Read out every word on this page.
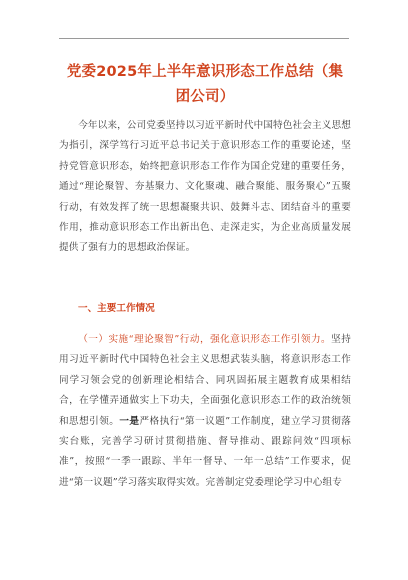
党委2025年上半年意识形态工作总结（集团公司）

今年以来，公司党委坚持以习近平新时代中国特色社会主义思想为指引，深学笃行习近平总书记关于意识形态工作的重要论述，坚持党管意识形态，始终把意识形态工作作为国企党建的重要任务，通过“理论聚智、夯基聚力、文化聚魂、融合聚能、服务聚心”五聚行动，有效发挥了统一思想凝聚共识、鼓舞斗志、团结奋斗的重要作用，推动意识形态工作出新出色、走深走实，为企业高质量发展提供了强有力的思想政治保证。

一、主要工作情况

（一）实施“理论聚智”行动，强化意识形态工作引领力。坚持用习近平新时代中国特色社会主义思想武装头脑，将意识形态工作同学习领会党的创新理论相结合、同巩固拓展主题教育成果相结合，在学懂弄通做实上下功夫，全面强化意识形态工作的政治统领和思想引领。一是严格执行“第一议题”工作制度，建立学习贯彻落实台账，完善学习研讨贯彻措施、督导推动、跟踪问效“四项标准”，按照“一季一跟踪、半年一督导、一年一总结”工作要求，促进“第一议题”学习落实取得实效。完善制定党委理论学习中心组专
